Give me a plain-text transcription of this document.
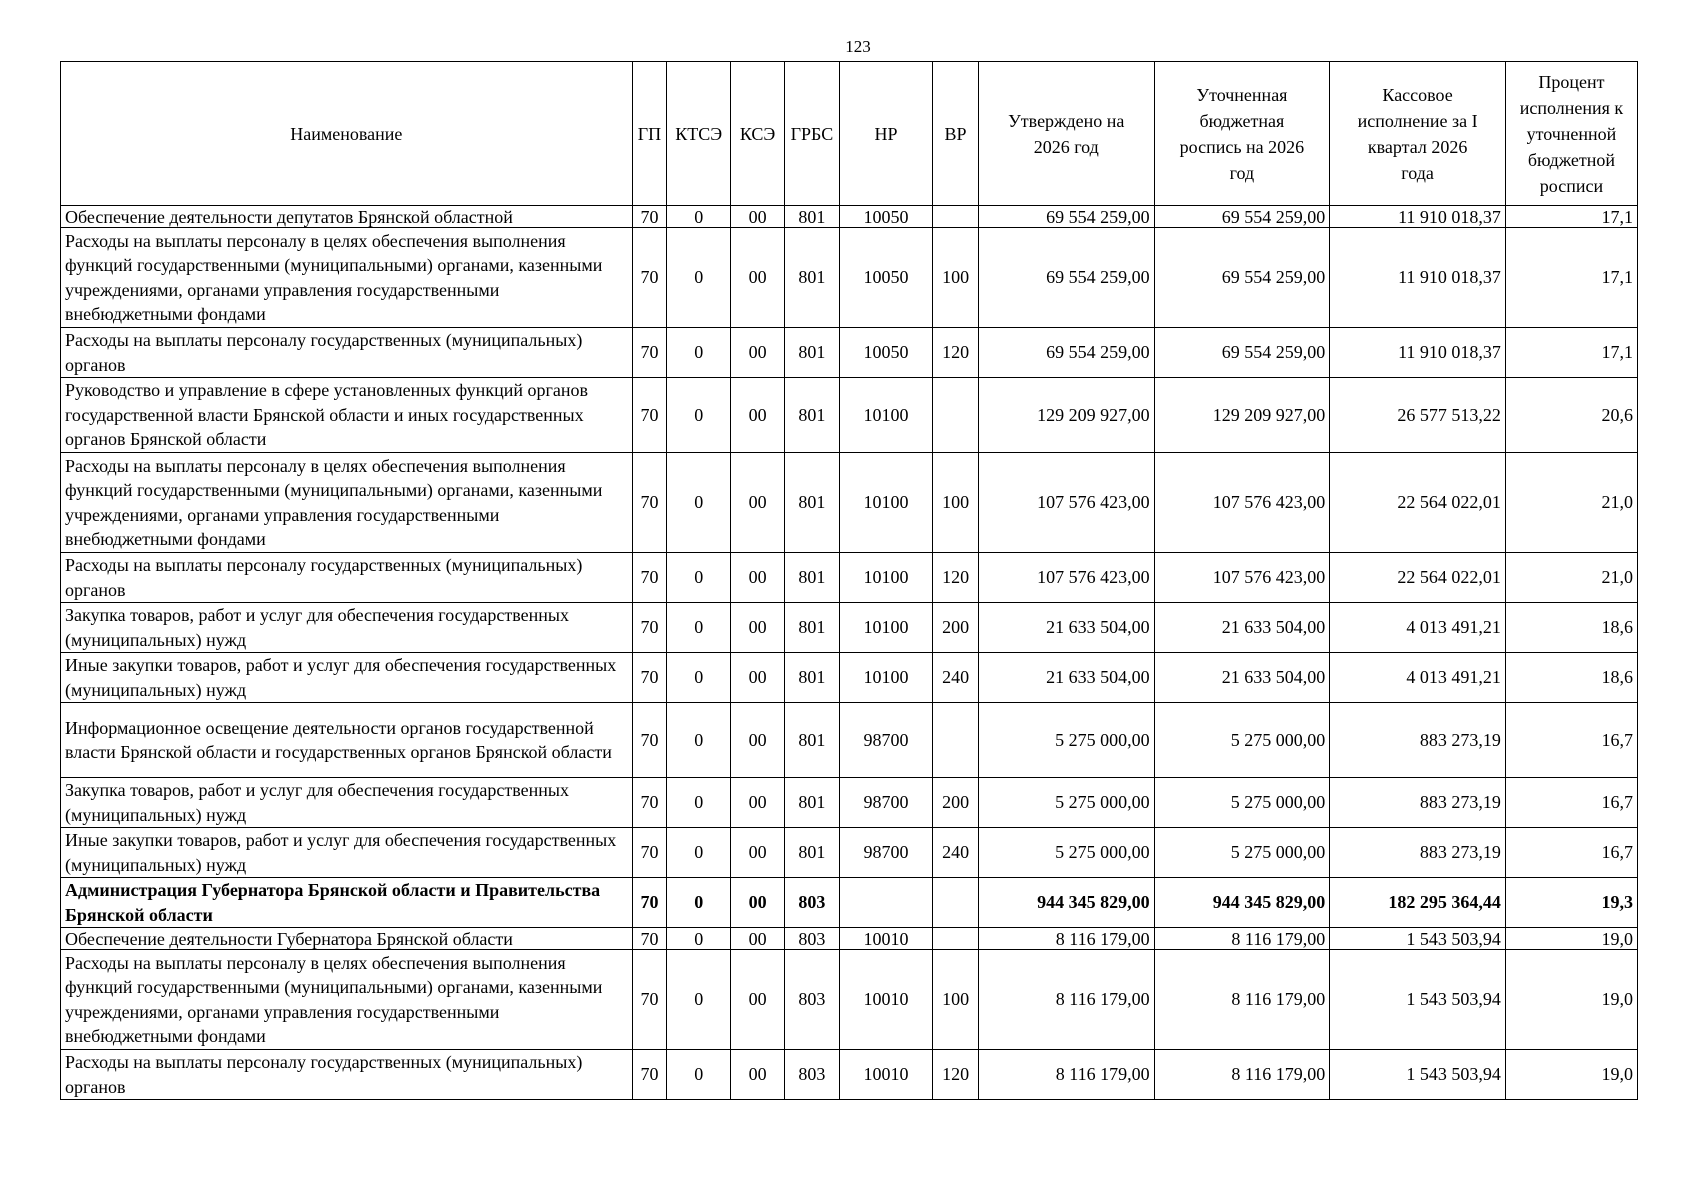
123
Наименование	ГП	КТСЭ	КСЭ	ГРБС	НР	ВР	Утверждено на 2026 год	Уточненная бюджетная роспись на 2026 год	Кассовое исполнение за I квартал 2026 года	Процент исполнения к уточненной бюджетной росписи
Обеспечение деятельности депутатов Брянской областной	70	0	00	801	10050		69 554 259,00	69 554 259,00	11 910 018,37	17,1
Расходы на выплаты персоналу в целях обеспечения выполнения функций государственными (муниципальными) органами, казенными учреждениями, органами управления государственными внебюджетными фондами	70	0	00	801	10050	100	69 554 259,00	69 554 259,00	11 910 018,37	17,1
Расходы на выплаты персоналу государственных (муниципальных) органов	70	0	00	801	10050	120	69 554 259,00	69 554 259,00	11 910 018,37	17,1
Руководство и управление в сфере установленных функций органов государственной власти Брянской области и иных государственных органов Брянской области	70	0	00	801	10100		129 209 927,00	129 209 927,00	26 577 513,22	20,6
Расходы на выплаты персоналу в целях обеспечения выполнения функций государственными (муниципальными) органами, казенными учреждениями, органами управления государственными внебюджетными фондами	70	0	00	801	10100	100	107 576 423,00	107 576 423,00	22 564 022,01	21,0
Расходы на выплаты персоналу государственных (муниципальных) органов	70	0	00	801	10100	120	107 576 423,00	107 576 423,00	22 564 022,01	21,0
Закупка товаров, работ и услуг для обеспечения государственных (муниципальных) нужд	70	0	00	801	10100	200	21 633 504,00	21 633 504,00	4 013 491,21	18,6
Иные закупки товаров, работ и услуг для обеспечения государственных (муниципальных) нужд	70	0	00	801	10100	240	21 633 504,00	21 633 504,00	4 013 491,21	18,6
Информационное освещение деятельности органов государственной власти Брянской области и государственных органов Брянской области	70	0	00	801	98700		5 275 000,00	5 275 000,00	883 273,19	16,7
Закупка товаров, работ и услуг для обеспечения государственных (муниципальных) нужд	70	0	00	801	98700	200	5 275 000,00	5 275 000,00	883 273,19	16,7
Иные закупки товаров, работ и услуг для обеспечения государственных (муниципальных) нужд	70	0	00	801	98700	240	5 275 000,00	5 275 000,00	883 273,19	16,7
Администрация Губернатора Брянской области и Правительства Брянской области	70	0	00	803			944 345 829,00	944 345 829,00	182 295 364,44	19,3
Обеспечение деятельности Губернатора Брянской области	70	0	00	803	10010		8 116 179,00	8 116 179,00	1 543 503,94	19,0
Расходы на выплаты персоналу в целях обеспечения выполнения функций государственными (муниципальными) органами, казенными учреждениями, органами управления государственными внебюджетными фондами	70	0	00	803	10010	100	8 116 179,00	8 116 179,00	1 543 503,94	19,0
Расходы на выплаты персоналу государственных (муниципальных) органов	70	0	00	803	10010	120	8 116 179,00	8 116 179,00	1 543 503,94	19,0
